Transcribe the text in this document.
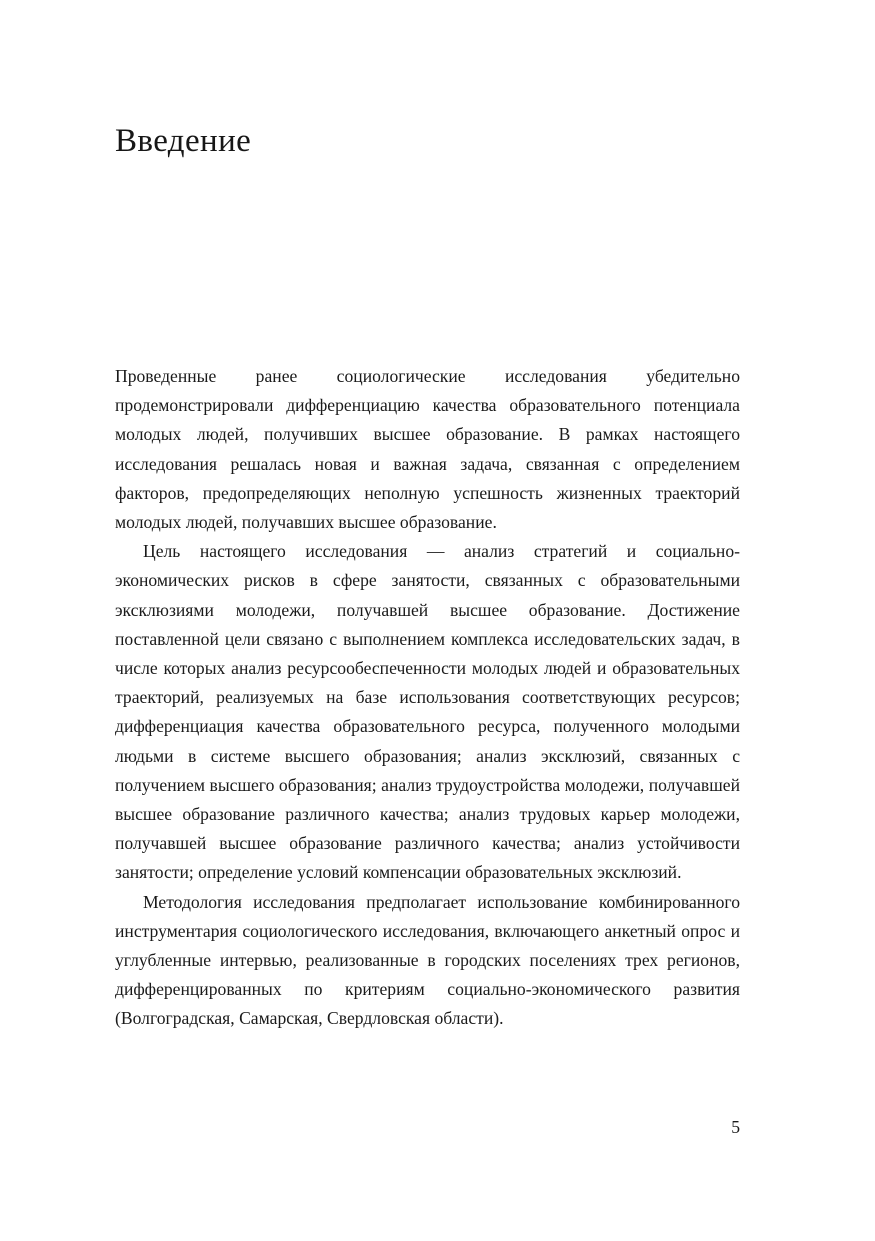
Введение

Проведенные ранее социологические исследования убедительно продемонстрировали дифференциацию качества образовательного потенциала молодых людей, получивших высшее образование. В рамках настоящего исследования решалась новая и важная задача, связанная с определением факторов, предопределяющих неполную успешность жизненных траекторий молодых людей, получавших высшее образование.

Цель настоящего исследования — анализ стратегий и социально-экономических рисков в сфере занятости, связанных с образовательными эксклюзиями молодежи, получавшей высшее образование. Достижение поставленной цели связано с выполнением комплекса исследовательских задач, в числе которых анализ ресурсообеспеченности молодых людей и образовательных траекторий, реализуемых на базе использования соответствующих ресурсов; дифференциация качества образовательного ресурса, полученного молодыми людьми в системе высшего образования; анализ эксклюзий, связанных с получением высшего образования; анализ трудоустройства молодежи, получавшей высшее образование различного качества; анализ трудовых карьер молодежи, получавшей высшее образование различного качества; анализ устойчивости занятости; определение условий компенсации образовательных эксклюзий.

Методология исследования предполагает использование комбинированного инструментария социологического исследования, включающего анкетный опрос и углубленные интервью, реализованные в городских поселениях трех регионов, дифференцированных по критериям социально-экономического развития (Волгоградская, Самарская, Свердловская области).

5
